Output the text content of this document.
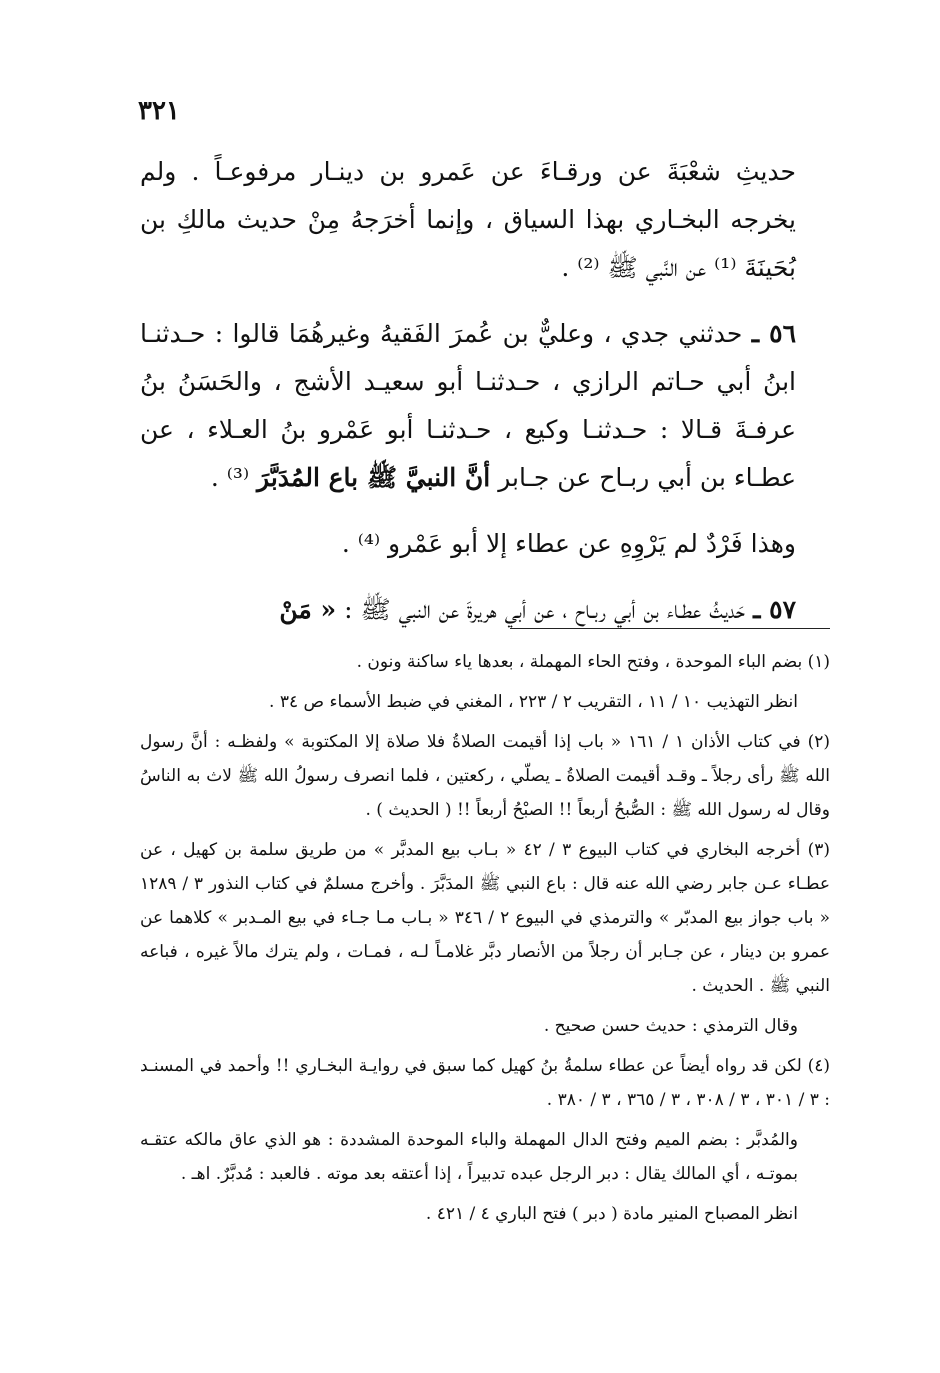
٣٢١

حديثِ شعْبَةَ عن ورقـاءَ عن عَمرو بن دينـار مرفوعـاً . ولم يخرجه البخـاري بهذا السياق ، وإنما أخرَجهُ مِنْ حديث مالكِ بن بُحَينَةَ ⁽¹⁾ عن النَّبي ﷺ ⁽²⁾ .

٥٦ ـ حدثني جدي ، وعليٌّ بن عُمرَ الفَقيهُ وغيرهُمَا قالوا : حـدثنـا ابنُ أبي حـاتم الرازي ، حـدثنـا أبو سعيـد الأشج ، والحَسَنُ بنُ عرفـةَ قـالا : حـدثنـا وكيع ، حـدثنـا أبو عَمْرو بنُ العـلاء ، عن عطـاء بن أبي ربـاح عن جـابر أنَّ النبيَّ ﷺ باع المُدَبَّرَ ⁽³⁾ .

وهذا فَرْدٌ لم يَرْوِهِ عن عطاء إلا أبو عَمْرو ⁽⁴⁾ .

٥٧ ـ حَديثُ عطـاء بن أبي ربـاح ، عن أبي هريرةَ عن النبي ﷺ : « مَنْ

(١) بضم الباء الموحدة ، وفتح الحاء المهملة ، بعدها ياء ساكنة ونون .

انظر التهذيب ١٠ / ١١ ، التقريب ٢ / ٢٢٣ ، المغني في ضبط الأسماء ص ٣٤ .

(٢) في كتاب الأذان ١ / ١٦١ « باب إذا أقيمت الصلاةُ فلا صلاة إلا المكتوبة » ولفظـه : أنَّ رسول الله ﷺ رأى رجلاً ـ وقـد أقيمت الصلاةُ ـ يصلّي ، ركعتين ، فلما انصرف رسولُ الله ﷺ لاث به الناسُ وقال له رسول الله ﷺ : الصُّبحُ أربعاً !! الصبْحُ أربعاً !! ( الحديث ) .

(٣) أخرجه البخاري في كتاب البيوع ٣ / ٤٢ « بـاب بيع المدبَّر » من طريق سلمة بن كهيل ، عن عطـاء عـن جابر رضي الله عنه قال : باع النبي ﷺ المدَبَّرَ . وأخرج مسلمٌ في كتاب النذور ٣ / ١٢٨٩ « باب جواز بيع المدبّر » والترمذي في البيوع ٢ / ٣٤٦ « بـاب مـا جـاء في بيع المـدبر » كلاهما عن عمرو بن دينار ، عن جـابر أن رجلاً من الأنصار دبَّر غلامـاً لـه ، فمـات ، ولم يترك مالاً غيره ، فباعه النبي ﷺ . الحديث .

وقال الترمذي : حديث حسن صحيح .

(٤) لكن قد رواه أيضاً عن عطاء سلمةُ بنُ كهيل كما سبق في روايـة البخـاري !! وأحمد في المسنـد : ٣ / ٣٠١ ، ٣ / ٣٠٨ ، ٣ / ٣٦٥ ، ٣ / ٣٨٠ .

والمُدبَّر : بضم الميم وفتح الدال المهملة والباء الموحدة المشددة : هو الذي عاق مالكه عتقـه بموتـه ، أي المالك يقال : دبر الرجل عبده تدبيراً ، إذا أعتقه بعد موته . فالعبد : مُدبَّرٌ. اهـ .

انظر المصباح المنير مادة ( دبر ) فتح الباري ٤ / ٤٢١ .
